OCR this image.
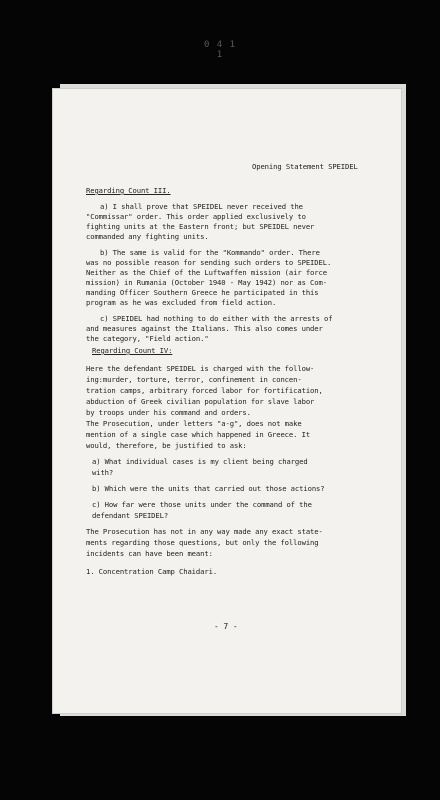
0 4 1 1
Opening Statement SPEIDEL
Regarding Count III.
a) I shall prove that SPEIDEL never received the
"Commissar" order. This order applied exclusively to
fighting units at the Eastern front; but SPEIDEL never
commanded any fighting units.
b) The same is valid for the "Kommando" order. There
was no possible reason for sending such orders to SPEIDEL.
Neither as the Chief of the Luftwaffen mission (air force
mission) in Rumania (October 1940 - May 1942) nor as Com-
manding Officer Southern Greece he participated in this
program as he was excluded from field action.
c) SPEIDEL had nothing to do either with the arrests of
and measures against the Italians. This also comes under
the category, "Field action."
Regarding Count IV:
Here the defendant SPEIDEL is charged with the follow-
ing:murder, torture, terror, confinement in concen-
tration camps, arbitrary forced labor for fortification,
abduction of Greek civilian population for slave labor
by troops under his command and orders.
The Prosecution, under letters "a-g", does not make
mention of a single case which happened in Greece. It
would, therefore, be justified to ask:
a) What individual cases is my client being charged
with?
b) Which were the units that carried out those actions?
c) How far were those units under the command of the
defendant SPEIDEL?
The Prosecution has not in any way made any exact state-
ments regarding those questions, but only the following
incidents can have been meant:
1. Concentration Camp Chaidari.
- 7 -
